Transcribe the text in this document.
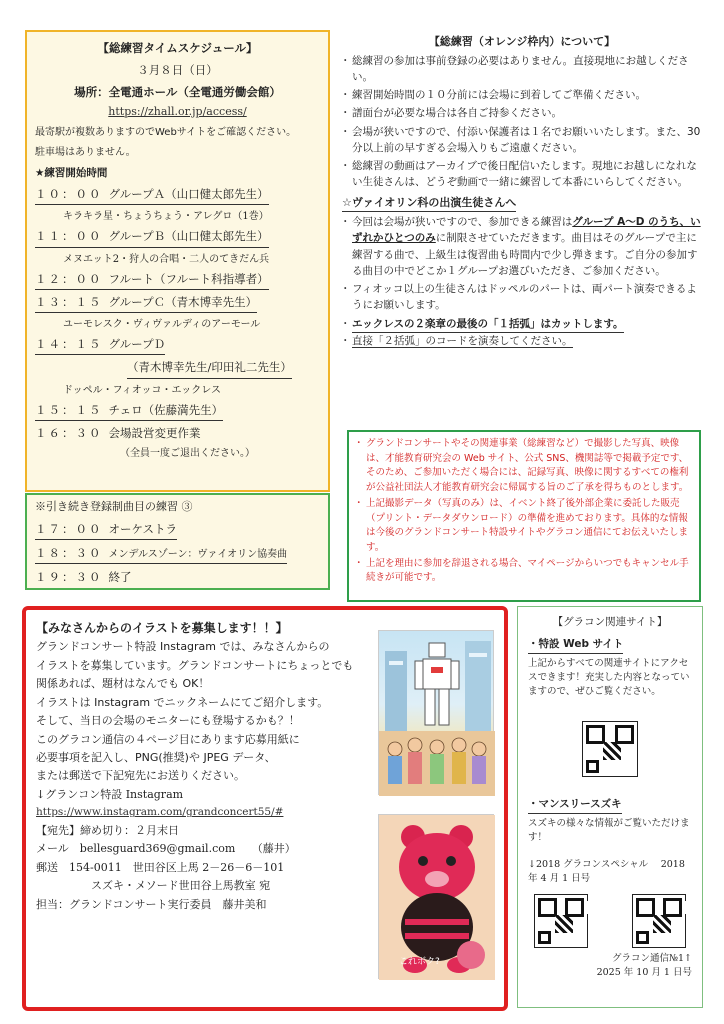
【総練習タイムスケジュール】
３月８日（日）
場所：全電通ホール（全電通労働会館）
https://zhall.or.jp/access/
最寄駅が複数ありますのでWebサイトをご確認ください。
駐車場はありません。
★練習開始時間
１０：００ グループＡ（山口健太郎先生）
キラキラ星・ちょうちょう・アレグロ（1巻）
１１：００ グループＢ（山口健太郎先生）
メヌエット2・狩人の合唱・二人のてきだん兵
１２：００ フルート（フルート科指導者）
１３：１５ グループＣ（青木博幸先生）
ユーモレスク・ヴィヴァルディのアーモール
１４：１５ グループＤ
（青木博幸先生/印田礼二先生）
ドッペル・フィオッコ・エックレス
１５：１５ チェロ（佐藤満先生）
１６：３０ 会場設営変更作業
（全員一度ご退出ください。）
※引き続き登録制曲目の練習 ③
１７：００ オーケストラ
１８：３０ メンデルスゾーン：ヴァイオリン協奏曲
１９：３０ 終了
【総練習（オレンジ枠内）について】
・ 総練習の参加は事前登録の必要はありません。直接現地にお越しください。
・ 練習開始時間の１０分前には会場に到着してご準備ください。
・ 譜面台が必要な場合は各自ご持参ください。
・ 会場が狭いですので、付添い保護者は１名でお願いいたします。また、30分以上前の早すぎる会場入りもご遠慮ください。
・ 総練習の動画はアーカイブで後日配信いたします。現地にお越しになれない生徒さんは、どうぞ動画で一緒に練習して本番にいらしてください。
☆ヴァイオリン科の出演生徒さんへ
・ 今回は会場が狭いですので、参加できる練習はグループ A～D のうち、いずれかひとつのみに制限させていただきます。曲目はそのグループで主に練習する曲で、上級生は復習曲も時間内で少し弾きます。ご自分の参加する曲目の中でどこか１グループお選びいただき、ご参加ください。
・ フィオッコ以上の生徒さんはドッペルのパートは、両パート演奏できるようにお願いします。
・ エックレスの２楽章の最後の「１括弧」はカットします。
・ 直接「２括弧」のコードを演奏してください。
・ グランドコンサートやその関連事業（総練習など）で撮影した写真、映像は、才能教育研究会の Web サイト、公式 SNS、機関誌等で掲載予定です、そのため、ご参加いただく場合には、記録写真、映像に関するすべての権利が公益社団法人才能教育研究会に帰属する旨のご了承を得ちものとします。
・ 上記撮影データ（写真のみ）は、イベント終了後外部企業に委託した販売（プリント・データダウンロード）の準備を進めております。具体的な情報は今後のグランドコンサート特設サイトやグラコン通信にてお伝えいたします。
・ 上記を理由に参加を辞退される場合、マイページからいつでもキャンセル手続きが可能です。
【みなさんからのイラストを募集します！！】
グランドコンサート特設 Instagram では、みなさんからの
イラストを募集しています。グランドコンサートにちょっとでも
関係あれば、題材はなんでも OK！
イラストは Instagram でニックネームにてご紹介します。
そして、当日の会場のモニターにも登場するかも？！
このグラコン通信の４ページ目にあります応募用紙に
必要事項を記入し、PNG(推奨)や JPEG データ、
または郵送で下記宛先にお送りください。
↓グランコン特設 Instagram
https://www.instagram.com/grandconcert55/#
【宛先】締め切り：２月末日
メール　bellesguard369@gmail.com　　（藤井）
郵送　154-0011　世田谷区上馬 2－26－6－101
スズキ・メソード世田谷上馬教室 宛
担当：グランドコンサート実行委員　藤井美和
これボク?
【グラコン関連サイト】
・特設 Web サイト

上記からすべての関連サイトにアクセスできます！充実した内容となっていますので、ぜひご覧ください。

・マンスリースズキ

スズキの様々な情報がご覧いただけます！

↓2018 グラコンスペシャル　 2018 年 4 月 1 日号

グラコン通信№1↑
2025 年 10 月 1 日号
